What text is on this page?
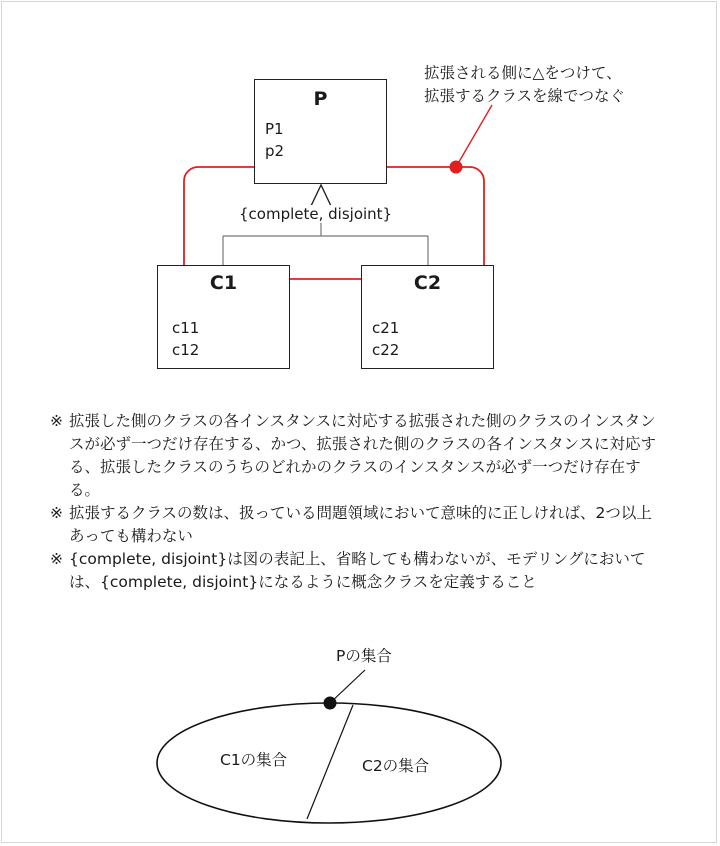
P
P1
p2
{complete, disjoint}
C1
c11
c12
C2
c21
c22
拡張される側に△をつけて、
拡張するクラスを線でつなぐ
※ 拡張した側のクラスの各インスタンスに対応する拡張された側のクラスのインスタンスが必ず一つだけ存在する、かつ、拡張された側のクラスの各インスタンスに対応する、拡張したクラスのうちのどれかのクラスのインスタンスが必ず一つだけ存在する。
※ 拡張するクラスの数は、扱っている問題領域において意味的に正しければ、2つ以上あっても構わない
※ {complete, disjoint}は図の表記上、省略しても構わないが、モデリングにおいては、{complete, disjoint}になるように概念クラスを定義すること
Pの集合
C1の集合	C2の集合
